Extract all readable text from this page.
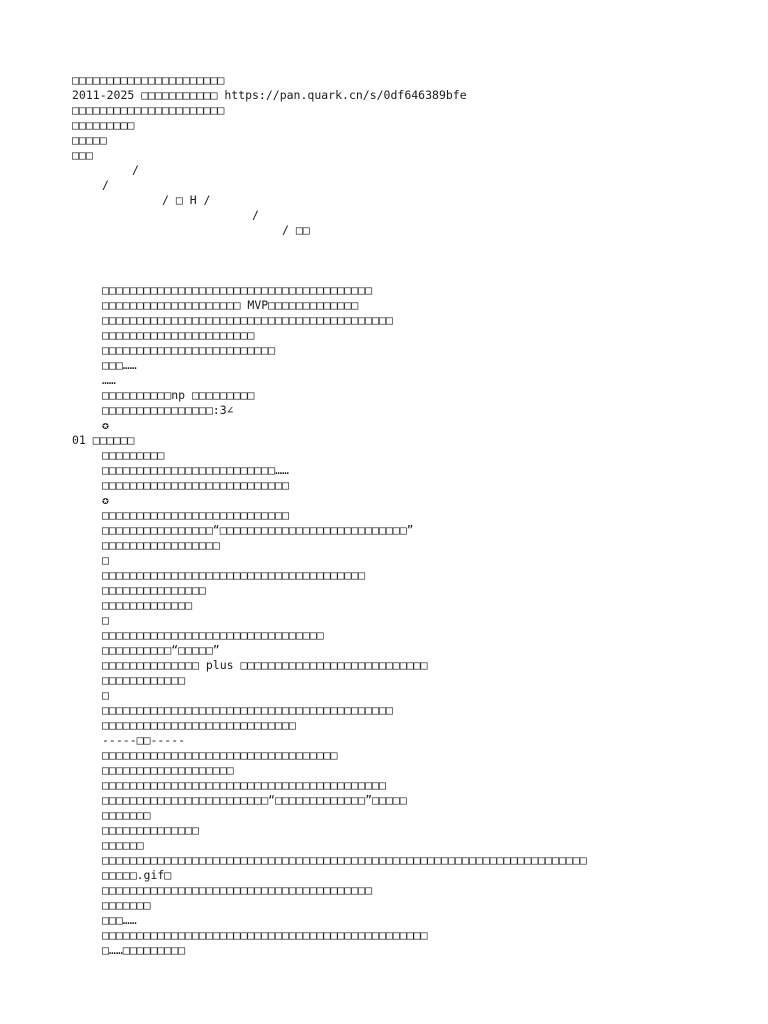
□□□□□□□□□□□□□□□□□□□□□□
2011-2025 □□□□□□□□□□□ https://pan.quark.cn/s/0df646389bfe
□□□□□□□□□□□□□□□□□□□□□□
□□□□□□□□□
□□□□□
□□□

/

/

/ □ H /

/

/ □□

□□□□□□□□□□□□□□□□□□□□□□□□□□□□□□□□□□□□□□□
□□□□□□□□□□□□□□□□□□□□ MVP□□□□□□□□□□□□□
□□□□□□□□□□□□□□□□□□□□□□□□□□□□□□□□□□□□□□□□□□
□□□□□□□□□□□□□□□□□□□□□□
□□□□□□□□□□□□□□□□□□□□□□□□□
□□□……
……
□□□□□□□□□□np □□□□□□□□□
□□□□□□□□□□□□□□□□:3∠
✪
01 □□□□□□
□□□□□□□□□
□□□□□□□□□□□□□□□□□□□□□□□□□……
□□□□□□□□□□□□□□□□□□□□□□□□□□□
✪
□□□□□□□□□□□□□□□□□□□□□□□□□□□
□□□□□□□□□□□□□□□□“□□□□□□□□□□□□□□□□□□□□□□□□□□□”
□□□□□□□□□□□□□□□□□
□
□□□□□□□□□□□□□□□□□□□□□□□□□□□□□□□□□□□□□□
□□□□□□□□□□□□□□□
□□□□□□□□□□□□□
□
□□□□□□□□□□□□□□□□□□□□□□□□□□□□□□□□
□□□□□□□□□□“□□□□□”
□□□□□□□□□□□□□□ plus □□□□□□□□□□□□□□□□□□□□□□□□□□□
□□□□□□□□□□□□
□
□□□□□□□□□□□□□□□□□□□□□□□□□□□□□□□□□□□□□□□□□□
□□□□□□□□□□□□□□□□□□□□□□□□□□□□
-----□□-----
□□□□□□□□□□□□□□□□□□□□□□□□□□□□□□□□□□
□□□□□□□□□□□□□□□□□□□
□□□□□□□□□□□□□□□□□□□□□□□□□□□□□□□□□□□□□□□□□
□□□□□□□□□□□□□□□□□□□□□□□□“□□□□□□□□□□□□□”□□□□□
□□□□□□□
□□□□□□□□□□□□□□
□□□□□□
□□□□□□□□□□□□□□□□□□□□□□□□□□□□□□□□□□□□□□□□□□□□□□□□□□□□□□□□□□□□□□□□□□□□□□
□□□□□.gif□
□□□□□□□□□□□□□□□□□□□□□□□□□□□□□□□□□□□□□□□
□□□□□□□
□□□……
□□□□□□□□□□□□□□□□□□□□□□□□□□□□□□□□□□□□□□□□□□□□□□□
□……□□□□□□□□□
